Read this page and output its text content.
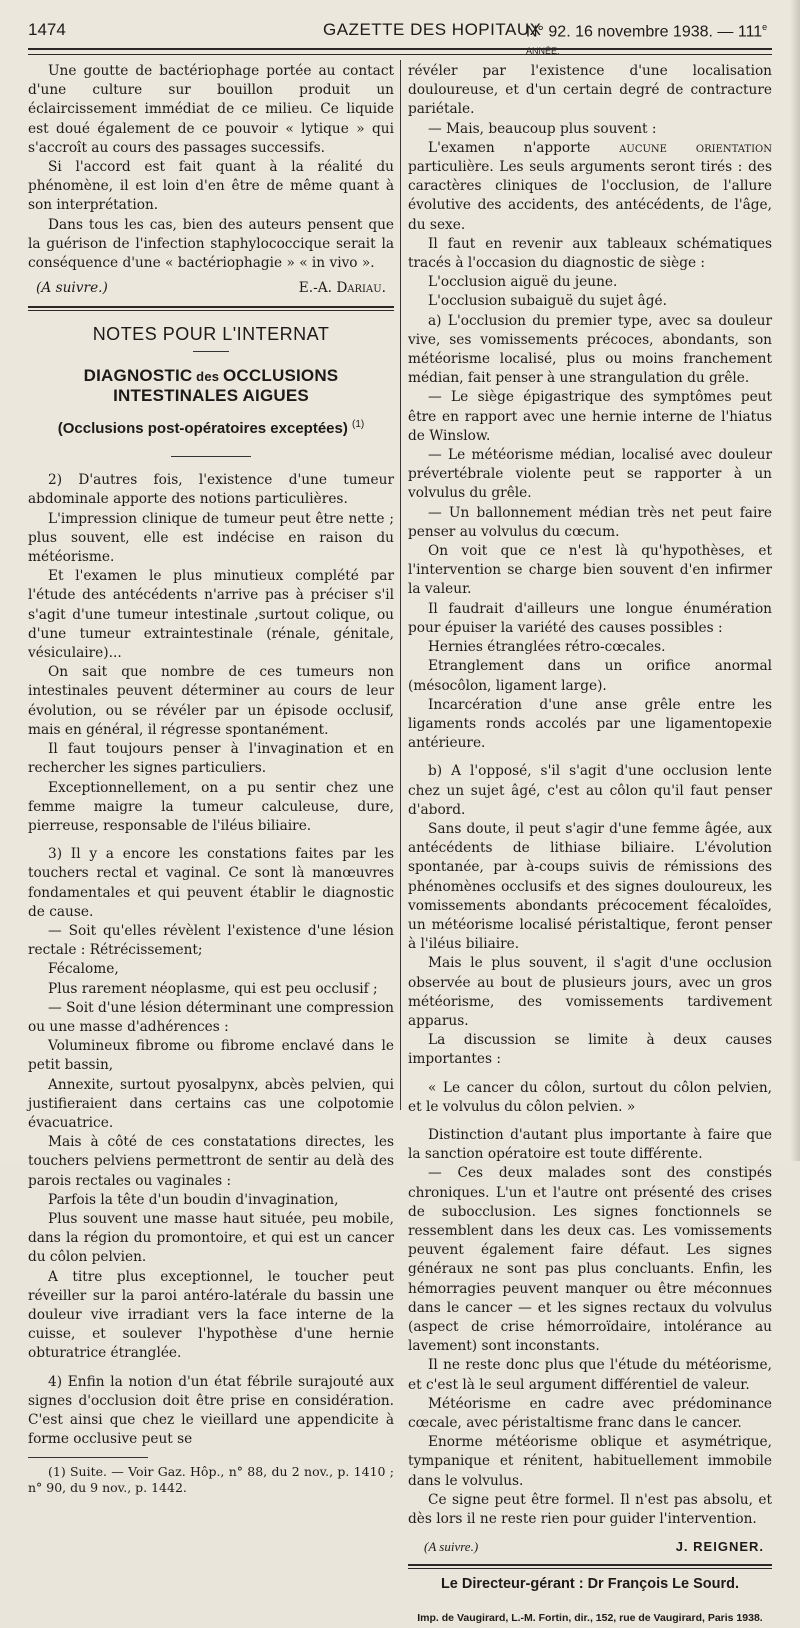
1474	GAZETTE DES HOPITAUX
N° 92. 16 novembre 1938. — 111e ANNÉE.

Une goutte de bactériophage portée au contact d'une culture sur bouillon produit un éclaircissement immédiat de ce milieu. Ce liquide est doué également de ce pouvoir « lytique » qui s'accroît au cours des passages successifs.

Si l'accord est fait quant à la réalité du phénomène, il est loin d'en être de même quant à son interprétation.

Dans tous les cas, bien des auteurs pensent que la guérison de l'infection staphylococcique serait la conséquence d'une « bactériophagie » « in vivo ».

(A suivre.)	E.-A. Dariau.
NOTES POUR L'INTERNAT
DIAGNOSTIC des OCCLUSIONS INTESTINALES AIGUES
(Occlusions post-opératoires exceptées) $^{(1)}$

2) D'autres fois, l'existence d'une tumeur abdominale apporte des notions particulières.

L'impression clinique de tumeur peut être nette ; plus souvent, elle est indécise en raison du météorisme.

Et l'examen le plus minutieux complété par l'étude des antécédents n'arrive pas à préciser s'il s'agit d'une tumeur intestinale ,surtout colique, ou d'une tumeur extraintestinale (rénale, génitale, vésiculaire)...

On sait que nombre de ces tumeurs non intestinales peuvent déterminer au cours de leur évolution, ou se révéler par un épisode occlusif, mais en général, il régresse spontanément.

Il faut toujours penser à l'invagination et en rechercher les signes particuliers.

Exceptionnellement, on a pu sentir chez une femme maigre la tumeur calculeuse, dure, pierreuse, responsable de l'iléus biliaire.

3) Il y a encore les constations faites par les touchers rectal et vaginal. Ce sont là manœuvres fondamentales et qui peuvent établir le diagnostic de cause.

— Soit qu'elles révèlent l'existence d'une lésion rectale : Rétrécissement;

Fécalome,

Plus rarement néoplasme, qui est peu occlusif ;

— Soit d'une lésion déterminant une compression ou une masse d'adhérences :

Volumineux fibrome ou fibrome enclavé dans le petit bassin,

Annexite, surtout pyosalpynx, abcès pelvien, qui justifieraient dans certains cas une colpotomie évacuatrice.

Mais à côté de ces constatations directes, les touchers pelviens permettront de sentir au delà des parois rectales ou vaginales :

Parfois la tête d'un boudin d'invagination,

Plus souvent une masse haut située, peu mobile, dans la région du promontoire, et qui est un cancer du côlon pelvien.

A titre plus exceptionnel, le toucher peut réveiller sur la paroi antéro-latérale du bassin une douleur vive irradiant vers la face interne de la cuisse, et soulever l'hypothèse d'une hernie obturatrice étranglée.

4) Enfin la notion d'un état fébrile surajouté aux signes d'occlusion doit être prise en considération. C'est ainsi que chez le vieillard une appendicite à forme occlusive peut se

(1) Suite. — Voir Gaz. Hôp., n° 88, du 2 nov., p. 1410 ; n° 90, du 9 nov., p. 1442.

révéler par l'existence d'une localisation douloureuse, et d'un certain degré de contracture pariétale.

— Mais, beaucoup plus souvent :

L'examen n'apporte aucune orientation particulière. Les seuls arguments seront tirés : des caractères cliniques de l'occlusion, de l'allure évolutive des accidents, des antécédents, de l'âge, du sexe.

Il faut en revenir aux tableaux schématiques tracés à l'occasion du diagnostic de siège :

L'occlusion aiguë du jeune.

L'occlusion subaiguë du sujet âgé.

a) L'occlusion du premier type, avec sa douleur vive, ses vomissements précoces, abondants, son météorisme localisé, plus ou moins franchement médian, fait penser à une strangulation du grêle.

— Le siège épigastrique des symptômes peut être en rapport avec une hernie interne de l'hiatus de Winslow.

— Le météorisme médian, localisé avec douleur prévertébrale violente peut se rapporter à un volvulus du grêle.

— Un ballonnement médian très net peut faire penser au volvulus du cœcum.

On voit que ce n'est là qu'hypothèses, et l'intervention se charge bien souvent d'en infirmer la valeur.

Il faudrait d'ailleurs une longue énumération pour épuiser la variété des causes possibles :

Hernies étranglées rétro-cœcales.

Etranglement dans un orifice anormal (mésocôlon, ligament large).

Incarcération d'une anse grêle entre les ligaments ronds accolés par une ligamentopexie antérieure.

b) A l'opposé, s'il s'agit d'une occlusion lente chez un sujet âgé, c'est au côlon qu'il faut penser d'abord.

Sans doute, il peut s'agir d'une femme âgée, aux antécédents de lithiase biliaire. L'évolution spontanée, par à-coups suivis de rémissions des phénomènes occlusifs et des signes douloureux, les vomissements abondants précocement fécaloïdes, un météorisme localisé péristaltique, feront penser à l'iléus biliaire.

Mais le plus souvent, il s'agit d'une occlusion observée au bout de plusieurs jours, avec un gros météorisme, des vomissements tardivement apparus.

La discussion se limite à deux causes importantes :

« Le cancer du côlon, surtout du côlon pelvien, et le volvulus du côlon pelvien. »

Distinction d'autant plus importante à faire que la sanction opératoire est toute différente.

— Ces deux malades sont des constipés chroniques. L'un et l'autre ont présenté des crises de subocclusion. Les signes fonctionnels se ressemblent dans les deux cas. Les vomissements peuvent également faire défaut. Les signes généraux ne sont pas plus concluants. Enfin, les hémorragies peuvent manquer ou être méconnues dans le cancer — et les signes rectaux du volvulus (aspect de crise hémorroïdaire, intolérance au lavement) sont inconstants.

Il ne reste donc plus que l'étude du météorisme, et c'est là le seul argument différentiel de valeur.

Météorisme en cadre avec prédominance cœcale, avec péristaltisme franc dans le cancer.

Enorme météorisme oblique et asymétrique, tympanique et rénitent, habituellement immobile dans le volvulus.

Ce signe peut être formel. Il n'est pas absolu, et dès lors il ne reste rien pour guider l'intervention.

(A suivre.)	J. REIGNER.
Le Directeur-gérant : Dr François Le Sourd.
Imp. de Vaugirard, L.-M. Fortin, dir., 152, rue de Vaugirard, Paris 1938.
